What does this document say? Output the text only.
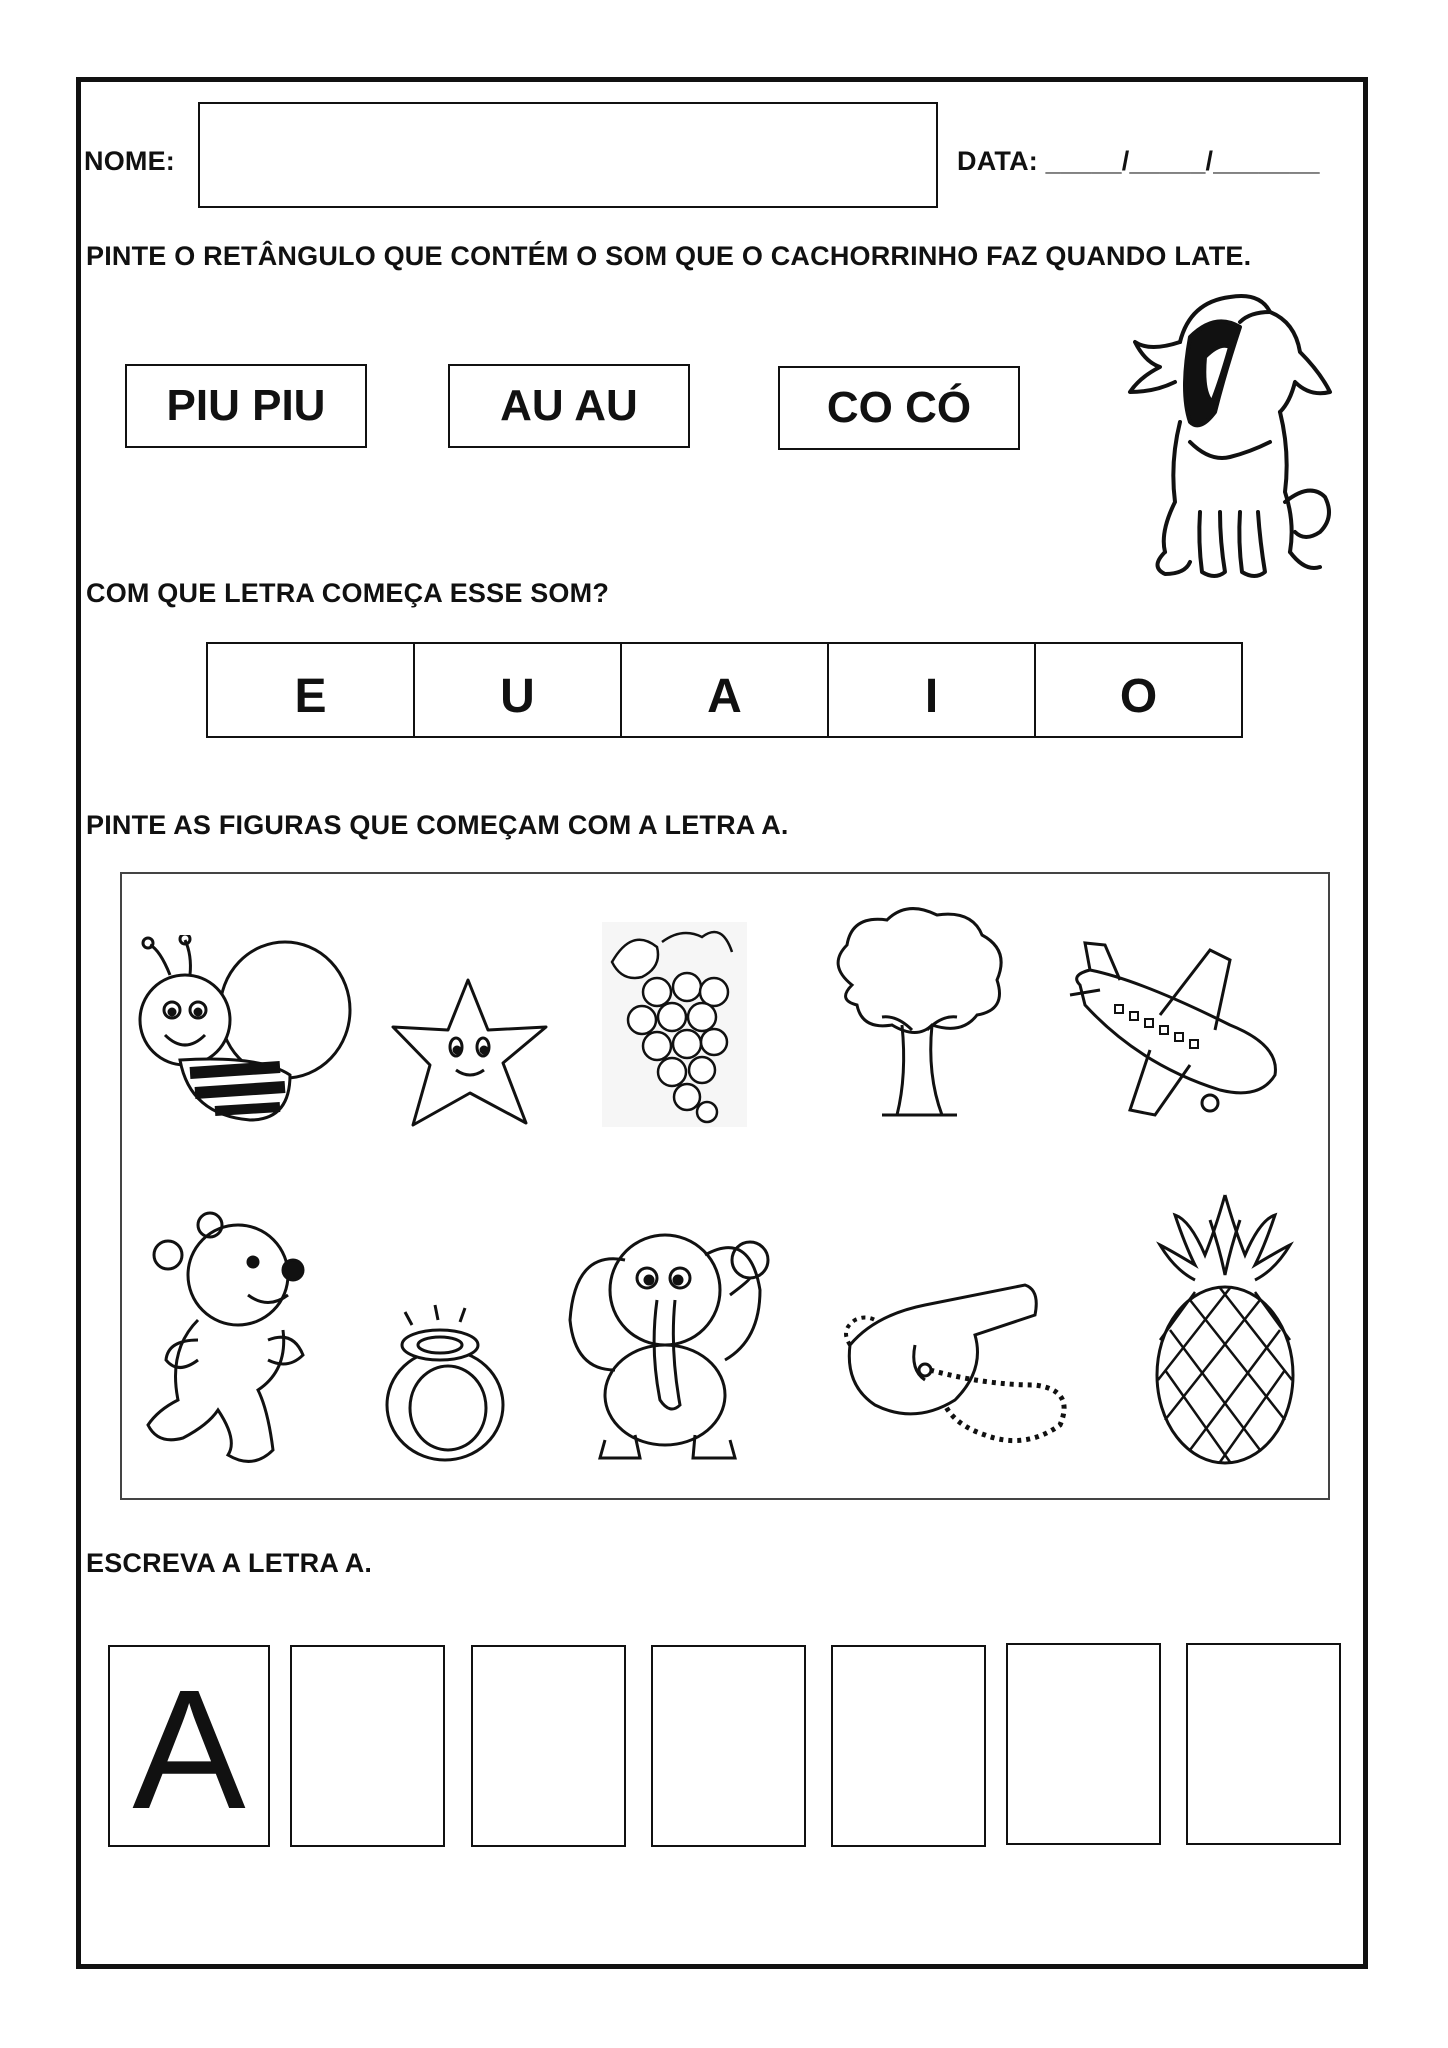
NOME:	DATA: _____/_____/_______
PINTE O RETÂNGULO QUE CONTÉM O SOM QUE O CACHORRINHO FAZ QUANDO LATE.
PIU PIU	AU AU	CO CÓ
COM QUE LETRA COMEÇA ESSE SOM?
E	U	A	I	O
PINTE AS FIGURAS QUE COMEÇAM COM A LETRA A.
ESCREVA A LETRA A.
A
